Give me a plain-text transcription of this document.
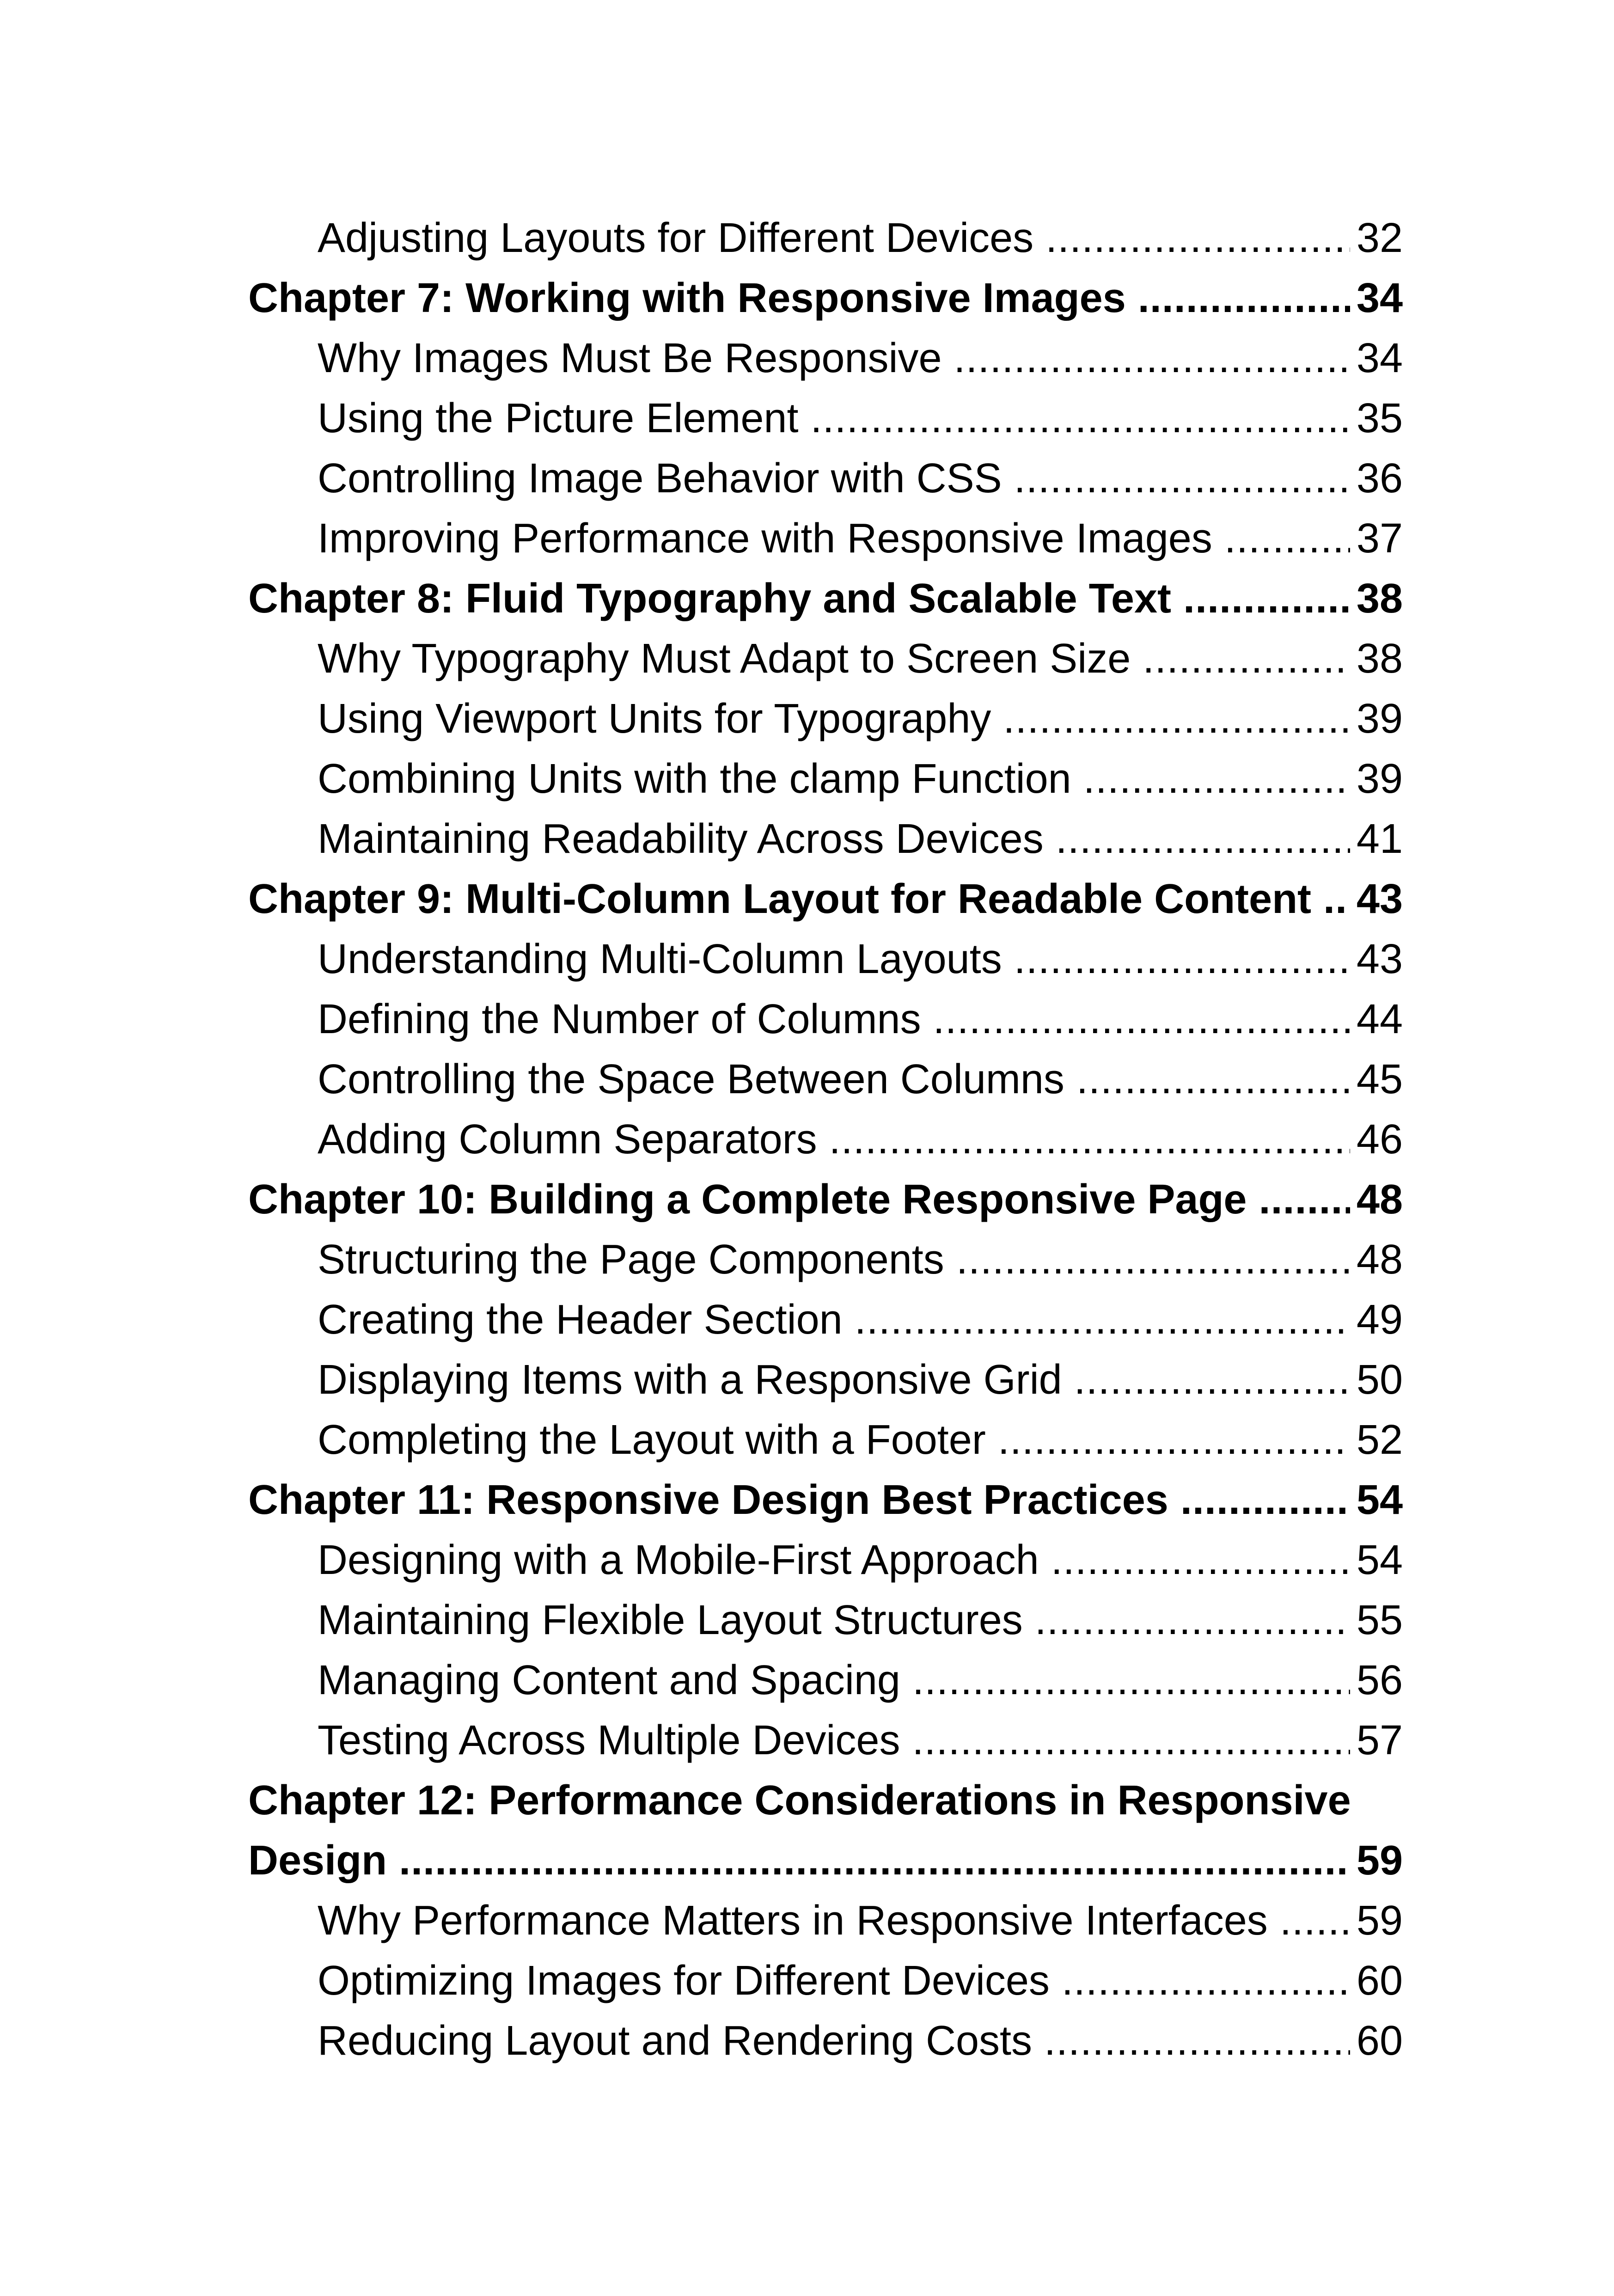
Adjusting Layouts for Different Devices .....	32
Chapter 7: Working with Responsive Images .....	34
Why Images Must Be Responsive .....	34
Using the Picture Element .....	35
Controlling Image Behavior with CSS .....	36
Improving Performance with Responsive Images .....	37
Chapter 8: Fluid Typography and Scalable Text .....	38
Why Typography Must Adapt to Screen Size .....	38
Using Viewport Units for Typography .....	39
Combining Units with the clamp Function .....	39
Maintaining Readability Across Devices .....	41
Chapter 9: Multi-Column Layout for Readable Content .....	43
Understanding Multi-Column Layouts .....	43
Defining the Number of Columns .....	44
Controlling the Space Between Columns .....	45
Adding Column Separators .....	46
Chapter 10: Building a Complete Responsive Page .....	48
Structuring the Page Components .....	48
Creating the Header Section .....	49
Displaying Items with a Responsive Grid .....	50
Completing the Layout with a Footer .....	52
Chapter 11: Responsive Design Best Practices .....	54
Designing with a Mobile-First Approach .....	54
Maintaining Flexible Layout Structures .....	55
Managing Content and Spacing .....	56
Testing Across Multiple Devices .....	57
Chapter 12: Performance Considerations in Responsive
Design .....	59
Why Performance Matters in Responsive Interfaces .....	59
Optimizing Images for Different Devices .....	60
Reducing Layout and Rendering Costs .....	60
